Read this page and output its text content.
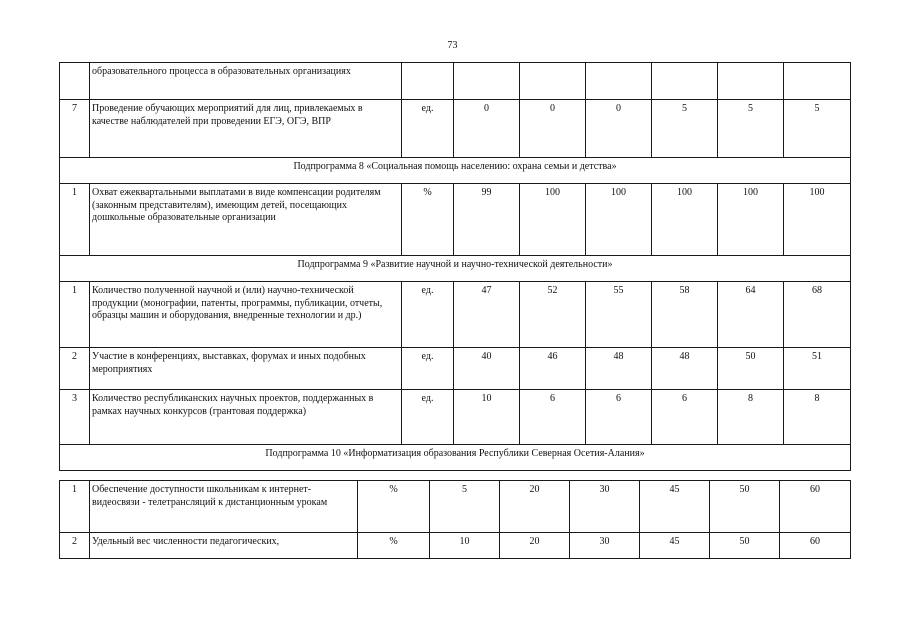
73
	образовательного процесса в образовательных организациях							
7	Проведение обучающих мероприятий для лиц, привлекаемых в качестве наблюдателей при проведении ЕГЭ, ОГЭ, ВПР	ед.	0	0	0	5	5	5
Подпрограмма 8 «Социальная помощь населению: охрана семьи и детства»								
1	Охват ежеквартальными выплатами в виде компенсации родителям (законным представителям), имеющим детей, посещающих дошкольные образовательные организации	%	99	100	100	100	100	100
Подпрограмма 9 «Развитие научной и научно-технической деятельности»								
1	Количество полученной научной и (или) научно-технической продукции (монографии, патенты, программы, публикации, отчеты, образцы машин и оборудования, внедренные технологии и др.)	ед.	47	52	55	58	64	68
2	Участие в конференциях, выставках, форумах и иных подобных мероприятиях	ед.	40	46	48	48	50	51
3	Количество республиканских научных проектов, поддержанных в рамках научных конкурсов (грантовая поддержка)	ед.	10	6	6	6	8	8
Подпрограмма 10 «Информатизация образования Республики Северная Осетия-Алания»								
1	Обеспечение доступности школьникам к интернет-видеосвязи - телетрансляций к дистанционным урокам	%	5	20	30	45	50	60
2	Удельный вес численности педагогических,	%	10	20	30	45	50	60
